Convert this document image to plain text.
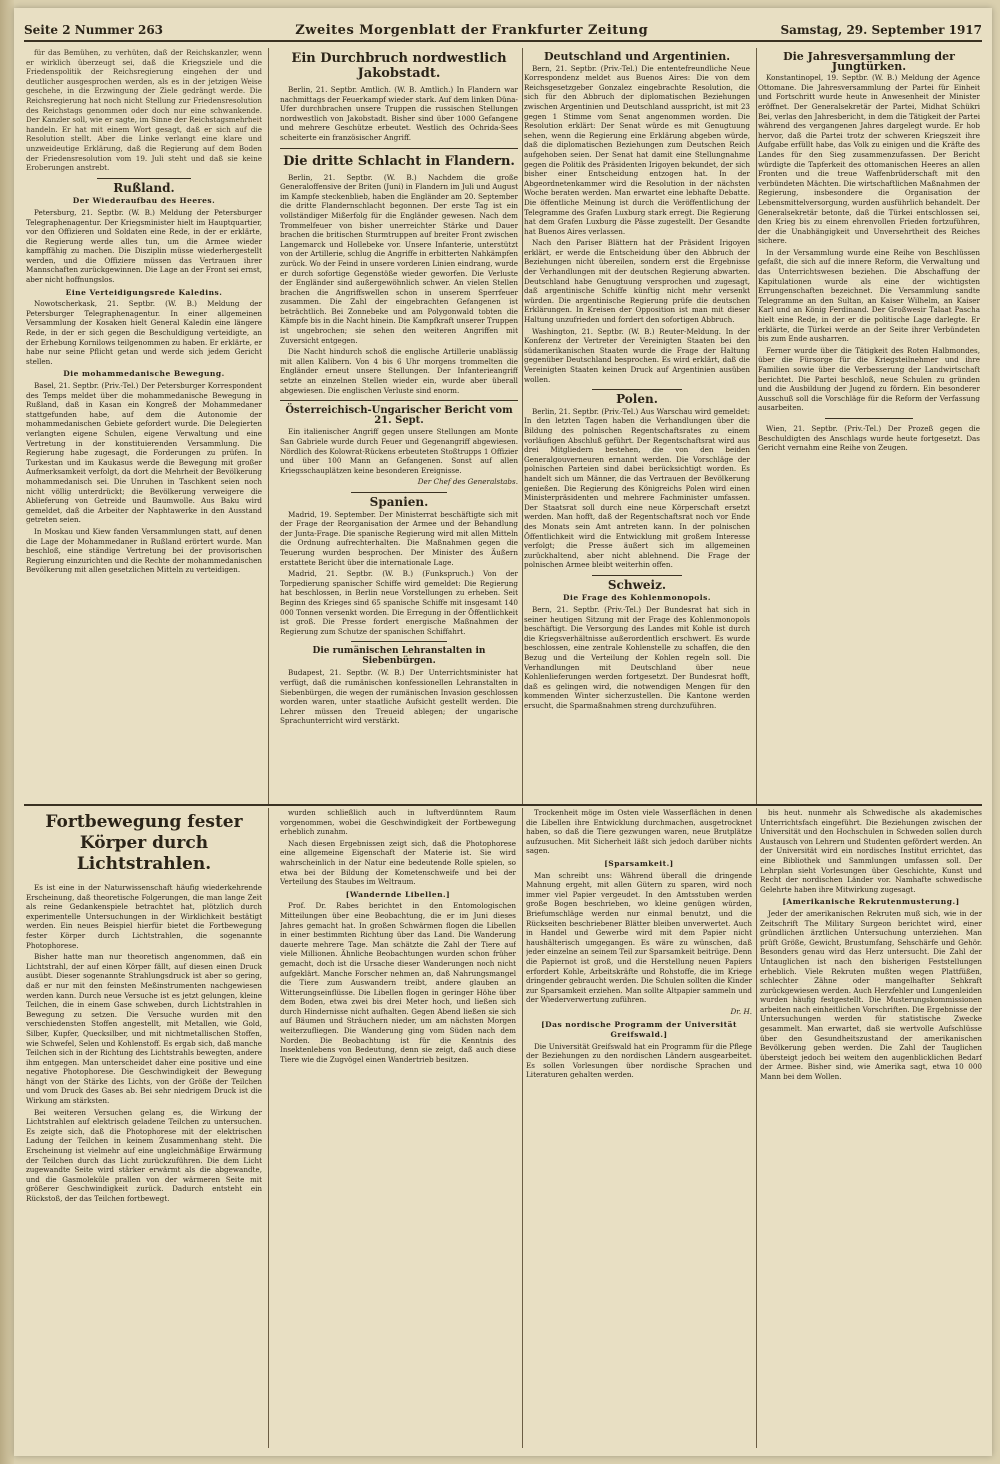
Seite 2 Nummer 263	Zweites Morgenblatt der Frankfurter Zeitung	Samstag, 29. September 1917

für das Bemühen, zu verhüten, daß der Reichskanzler, wenn er wirklich überzeugt sei, daß die Kriegsziele und die Friedenspolitik der Reichsregierung eingehen der und deutlicher ausgesprochen werden, als es in der jetzigen Weise geschehe, in die Erzwingung der Ziele gedrängt werde. Die Reichsregierung hat noch nicht Stellung zur Friedensresolution des Reichstags genommen oder doch nur eine schwankende. Der Kanzler soll, wie er sagte, im Sinne der Reichstagsmehrheit handeln. Er hat mit einem Wort gesagt, daß er sich auf die Resolution stellt. Aber die Linke verlangt eine klare und unzweideutige Erklärung, daß die Regierung auf dem Boden der Friedensresolution vom 19. Juli steht und daß sie keine Eroberungen anstrebt.

Rußland.
Der Wiederaufbau des Heeres.

Petersburg, 21. Septbr. (W. B.) Meldung der Petersburger Telegraphenagentur. Der Kriegsminister hielt im Hauptquartier, vor den Offizieren und Soldaten eine Rede, in der er erklärte, die Regierung werde alles tun, um die Armee wieder kampffähig zu machen. Die Disziplin müsse wiederhergestellt werden, und die Offiziere müssen das Vertrauen ihrer Mannschaften zurückgewinnen. Die Lage an der Front sei ernst, aber nicht hoffnungslos.

Eine Verteidigungsrede Kaledins.

Nowotscherkask, 21. Septbr. (W. B.) Meldung der Petersburger Telegraphenagentur. In einer allgemeinen Versammlung der Kosaken hielt General Kaledin eine längere Rede, in der er sich gegen die Beschuldigung verteidigte, an der Erhebung Kornilows teilgenommen zu haben. Er erklärte, er habe nur seine Pflicht getan und werde sich jedem Gericht stellen.

Die mohammedanische Bewegung.

Basel, 21. Septbr. (Priv.-Tel.) Der Petersburger Korrespondent des Temps meldet über die mohammedanische Bewegung in Rußland, daß in Kasan ein Kongreß der Mohammedaner stattgefunden habe, auf dem die Autonomie der mohammedanischen Gebiete gefordert wurde. Die Delegierten verlangten eigene Schulen, eigene Verwaltung und eine Vertretung in der konstituierenden Versammlung. Die Regierung habe zugesagt, die Forderungen zu prüfen. In Turkestan und im Kaukasus werde die Bewegung mit großer Aufmerksamkeit verfolgt, da dort die Mehrheit der Bevölkerung mohammedanisch sei. Die Unruhen in Taschkent seien noch nicht völlig unterdrückt; die Bevölkerung verweigere die Ablieferung von Getreide und Baumwolle. Aus Baku wird gemeldet, daß die Arbeiter der Naphtawerke in den Ausstand getreten seien.

In Moskau und Kiew fanden Versammlungen statt, auf denen die Lage der Mohammedaner in Rußland erörtert wurde. Man beschloß, eine ständige Vertretung bei der provisorischen Regierung einzurichten und die Rechte der mohammedanischen Bevölkerung mit allen gesetzlichen Mitteln zu verteidigen.

Ein Durchbruch nordwestlich Jakobstadt.

Berlin, 21. Septbr. Amtlich. (W. B. Amtlich.) In Flandern war nachmittags der Feuerkampf wieder stark. Auf dem linken Düna-Ufer durchbrachen unsere Truppen die russischen Stellungen nordwestlich von Jakobstadt. Bisher sind über 1000 Gefangene und mehrere Geschütze erbeutet. Westlich des Ochrida-Sees scheiterte ein französischer Angriff.

Die dritte Schlacht in Flandern.

Berlin, 21. Septbr. (W. B.) Nachdem die große Generaloffensive der Briten (Juni) in Flandern im Juli und August im Kampfe steckenblieb, haben die Engländer am 20. September die dritte Flandernschlacht begonnen. Der erste Tag ist ein vollständiger Mißerfolg für die Engländer gewesen. Nach dem Trommelfeuer von bisher unerreichter Stärke und Dauer brachen die britischen Sturmtruppen auf breiter Front zwischen Langemarck und Hollebeke vor. Unsere Infanterie, unterstützt von der Artillerie, schlug die Angriffe in erbitterten Nahkämpfen zurück. Wo der Feind in unsere vorderen Linien eindrang, wurde er durch sofortige Gegenstöße wieder geworfen. Die Verluste der Engländer sind außergewöhnlich schwer. An vielen Stellen brachen die Angriffswellen schon in unserem Sperrfeuer zusammen. Die Zahl der eingebrachten Gefangenen ist beträchtlich. Bei Zonnebeke und am Polygonwald tobten die Kämpfe bis in die Nacht hinein. Die Kampfkraft unserer Truppen ist ungebrochen; sie sehen den weiteren Angriffen mit Zuversicht entgegen.

Die Nacht hindurch schoß die englische Artillerie unablässig mit allen Kalibern. Von 4 bis 6 Uhr morgens trommelten die Engländer erneut unsere Stellungen. Der Infanterieangriff setzte an einzelnen Stellen wieder ein, wurde aber überall abgewiesen. Die englischen Verluste sind enorm.

Österreichisch-Ungarischer Bericht vom 21. Sept.

Ein italienischer Angriff gegen unsere Stellungen am Monte San Gabriele wurde durch Feuer und Gegenangriff abgewiesen. Nördlich des Kolowrat-Rückens erbeuteten Stoßtrupps 1 Offizier und über 100 Mann an Gefangenen. Sonst auf allen Kriegsschauplätzen keine besonderen Ereignisse.

Der Chef des Generalstabs.
Spanien.

Madrid, 19. September. Der Ministerrat beschäftigte sich mit der Frage der Reorganisation der Armee und der Behandlung der Junta-Frage. Die spanische Regierung wird mit allen Mitteln die Ordnung aufrechterhalten. Die Maßnahmen gegen die Teuerung wurden besprochen. Der Minister des Äußern erstattete Bericht über die internationale Lage.

Madrid, 21. Septbr. (W. B.) (Funkspruch.) Von der Torpedierung spanischer Schiffe wird gemeldet: Die Regierung hat beschlossen, in Berlin neue Vorstellungen zu erheben. Seit Beginn des Krieges sind 65 spanische Schiffe mit insgesamt 140 000 Tonnen versenkt worden. Die Erregung in der Öffentlichkeit ist groß. Die Presse fordert energische Maßnahmen der Regierung zum Schutze der spanischen Schiffahrt.

Die rumänischen Lehranstalten in Siebenbürgen.

Budapest, 21. Septbr. (W. B.) Der Unterrichtsminister hat verfügt, daß die rumänischen konfessionellen Lehranstalten in Siebenbürgen, die wegen der rumänischen Invasion geschlossen worden waren, unter staatliche Aufsicht gestellt werden. Die Lehrer müssen den Treueid ablegen; der ungarische Sprachunterricht wird verstärkt.

Deutschland und Argentinien.

Bern, 21. Septbr. (Priv.-Tel.) Die ententefreundliche Neue Korrespondenz meldet aus Buenos Aires: Die von dem Reichsgesetzgeber Gonzalez eingebrachte Resolution, die sich für den Abbruch der diplomatischen Beziehungen zwischen Argentinien und Deutschland ausspricht, ist mit 23 gegen 1 Stimme vom Senat angenommen worden. Die Resolution erklärt: Der Senat würde es mit Genugtuung sehen, wenn die Regierung eine Erklärung abgeben würde, daß die diplomatischen Beziehungen zum Deutschen Reich aufgehoben seien. Der Senat hat damit eine Stellungnahme gegen die Politik des Präsidenten Irigoyen bekundet, der sich bisher einer Entscheidung entzogen hat. In der Abgeordnetenkammer wird die Resolution in der nächsten Woche beraten werden. Man erwartet eine lebhafte Debatte. Die öffentliche Meinung ist durch die Veröffentlichung der Telegramme des Grafen Luxburg stark erregt. Die Regierung hat dem Grafen Luxburg die Pässe zugestellt. Der Gesandte hat Buenos Aires verlassen.

Nach den Pariser Blättern hat der Präsident Irigoyen erklärt, er werde die Entscheidung über den Abbruch der Beziehungen nicht übereilen, sondern erst die Ergebnisse der Verhandlungen mit der deutschen Regierung abwarten. Deutschland habe Genugtuung versprochen und zugesagt, daß argentinische Schiffe künftig nicht mehr versenkt würden. Die argentinische Regierung prüfe die deutschen Erklärungen. In Kreisen der Opposition ist man mit dieser Haltung unzufrieden und fordert den sofortigen Abbruch.

Washington, 21. Septbr. (W. B.) Reuter-Meldung. In der Konferenz der Vertreter der Vereinigten Staaten bei den südamerikanischen Staaten wurde die Frage der Haltung gegenüber Deutschland besprochen. Es wird erklärt, daß die Vereinigten Staaten keinen Druck auf Argentinien ausüben wollen.

Polen.

Berlin, 21. Septbr. (Priv.-Tel.) Aus Warschau wird gemeldet: In den letzten Tagen haben die Verhandlungen über die Bildung des polnischen Regentschaftsrates zu einem vorläufigen Abschluß geführt. Der Regentschaftsrat wird aus drei Mitgliedern bestehen, die von den beiden Generalgouverneuren ernannt werden. Die Vorschläge der polnischen Parteien sind dabei berücksichtigt worden. Es handelt sich um Männer, die das Vertrauen der Bevölkerung genießen. Die Regierung des Königreichs Polen wird einen Ministerpräsidenten und mehrere Fachminister umfassen. Der Staatsrat soll durch eine neue Körperschaft ersetzt werden. Man hofft, daß der Regentschaftsrat noch vor Ende des Monats sein Amt antreten kann. In der polnischen Öffentlichkeit wird die Entwicklung mit großem Interesse verfolgt; die Presse äußert sich im allgemeinen zurückhaltend, aber nicht ablehnend. Die Frage der polnischen Armee bleibt weiterhin offen.

Schweiz.
Die Frage des Kohlenmonopols.

Bern, 21. Septbr. (Priv.-Tel.) Der Bundesrat hat sich in seiner heutigen Sitzung mit der Frage des Kohlenmonopols beschäftigt. Die Versorgung des Landes mit Kohle ist durch die Kriegsverhältnisse außerordentlich erschwert. Es wurde beschlossen, eine zentrale Kohlenstelle zu schaffen, die den Bezug und die Verteilung der Kohlen regeln soll. Die Verhandlungen mit Deutschland über neue Kohlenlieferungen werden fortgesetzt. Der Bundesrat hofft, daß es gelingen wird, die notwendigen Mengen für den kommenden Winter sicherzustellen. Die Kantone werden ersucht, die Sparmaßnahmen streng durchzuführen.

Die Jahresversammlung der Jungtürken.

Konstantinopel, 19. Septbr. (W. B.) Meldung der Agence Ottomane. Die Jahresversammlung der Partei für Einheit und Fortschritt wurde heute in Anwesenheit der Minister eröffnet. Der Generalsekretär der Partei, Midhat Schükri Bei, verlas den Jahresbericht, in dem die Tätigkeit der Partei während des vergangenen Jahres dargelegt wurde. Er hob hervor, daß die Partei trotz der schweren Kriegszeit ihre Aufgabe erfüllt habe, das Volk zu einigen und die Kräfte des Landes für den Sieg zusammenzufassen. Der Bericht würdigte die Tapferkeit des ottomanischen Heeres an allen Fronten und die treue Waffenbrüderschaft mit den verbündeten Mächten. Die wirtschaftlichen Maßnahmen der Regierung, insbesondere die Organisation der Lebensmittelversorgung, wurden ausführlich behandelt. Der Generalsekretär betonte, daß die Türkei entschlossen sei, den Krieg bis zu einem ehrenvollen Frieden fortzuführen, der die Unabhängigkeit und Unversehrtheit des Reiches sichere.

In der Versammlung wurde eine Reihe von Beschlüssen gefaßt, die sich auf die innere Reform, die Verwaltung und das Unterrichtswesen beziehen. Die Abschaffung der Kapitulationen wurde als eine der wichtigsten Errungenschaften bezeichnet. Die Versammlung sandte Telegramme an den Sultan, an Kaiser Wilhelm, an Kaiser Karl und an König Ferdinand. Der Großwesir Talaat Pascha hielt eine Rede, in der er die politische Lage darlegte. Er erklärte, die Türkei werde an der Seite ihrer Verbündeten bis zum Ende ausharren.

Ferner wurde über die Tätigkeit des Roten Halbmondes, über die Fürsorge für die Kriegsteilnehmer und ihre Familien sowie über die Verbesserung der Landwirtschaft berichtet. Die Partei beschloß, neue Schulen zu gründen und die Ausbildung der Jugend zu fördern. Ein besonderer Ausschuß soll die Vorschläge für die Reform der Verfassung ausarbeiten.

Wien, 21. Septbr. (Priv.-Tel.) Der Prozeß gegen die Beschuldigten des Anschlags wurde heute fortgesetzt. Das Gericht vernahm eine Reihe von Zeugen.

Fortbewegung fester Körper durch Lichtstrahlen.

Es ist eine in der Naturwissenschaft häufig wiederkehrende Erscheinung, daß theoretische Folgerungen, die man lange Zeit als reine Gedankenspiele betrachtet hat, plötzlich durch experimentelle Untersuchungen in der Wirklichkeit bestätigt werden. Ein neues Beispiel hierfür bietet die Fortbewegung fester Körper durch Lichtstrahlen, die sogenannte Photophorese.

Bisher hatte man nur theoretisch angenommen, daß ein Lichtstrahl, der auf einen Körper fällt, auf diesen einen Druck ausübt. Dieser sogenannte Strahlungsdruck ist aber so gering, daß er nur mit den feinsten Meßinstrumenten nachgewiesen werden kann. Durch neue Versuche ist es jetzt gelungen, kleine Teilchen, die in einem Gase schweben, durch Lichtstrahlen in Bewegung zu setzen. Die Versuche wurden mit den verschiedensten Stoffen angestellt, mit Metallen, wie Gold, Silber, Kupfer, Quecksilber, und mit nichtmetallischen Stoffen, wie Schwefel, Selen und Kohlenstoff. Es ergab sich, daß manche Teilchen sich in der Richtung des Lichtstrahls bewegten, andere ihm entgegen. Man unterscheidet daher eine positive und eine negative Photophorese. Die Geschwindigkeit der Bewegung hängt von der Stärke des Lichts, von der Größe der Teilchen und vom Druck des Gases ab. Bei sehr niedrigem Druck ist die Wirkung am stärksten.

Bei weiteren Versuchen gelang es, die Wirkung der Lichtstrahlen auf elektrisch geladene Teilchen zu untersuchen. Es zeigte sich, daß die Photophorese mit der elektrischen Ladung der Teilchen in keinem Zusammenhang steht. Die Erscheinung ist vielmehr auf eine ungleichmäßige Erwärmung der Teilchen durch das Licht zurückzuführen. Die dem Licht zugewandte Seite wird stärker erwärmt als die abgewandte, und die Gasmoleküle prallen von der wärmeren Seite mit größerer Geschwindigkeit zurück. Dadurch entsteht ein Rückstoß, der das Teilchen fortbewegt.

wurden schließlich auch in luftverdünntem Raum vorgenommen, wobei die Geschwindigkeit der Fortbewegung erheblich zunahm.

Nach diesen Ergebnissen zeigt sich, daß die Photophorese eine allgemeine Eigenschaft der Materie ist. Sie wird wahrscheinlich in der Natur eine bedeutende Rolle spielen, so etwa bei der Bildung der Kometenschweife und bei der Verteilung des Staubes im Weltraum.

[Wandernde Libellen.]

Prof. Dr. Rabes berichtet in den Entomologischen Mitteilungen über eine Beobachtung, die er im Juni dieses Jahres gemacht hat. In großen Schwärmen flogen die Libellen in einer bestimmten Richtung über das Land. Die Wanderung dauerte mehrere Tage. Man schätzte die Zahl der Tiere auf viele Millionen. Ähnliche Beobachtungen wurden schon früher gemacht, doch ist die Ursache dieser Wanderungen noch nicht aufgeklärt. Manche Forscher nehmen an, daß Nahrungsmangel die Tiere zum Auswandern treibt, andere glauben an Witterungseinflüsse. Die Libellen flogen in geringer Höhe über dem Boden, etwa zwei bis drei Meter hoch, und ließen sich durch Hindernisse nicht aufhalten. Gegen Abend ließen sie sich auf Bäumen und Sträuchern nieder, um am nächsten Morgen weiterzufliegen. Die Wanderung ging vom Süden nach dem Norden. Die Beobachtung ist für die Kenntnis des Insektenlebens von Bedeutung, denn sie zeigt, daß auch diese Tiere wie die Zugvögel einen Wandertrieb besitzen.

Trockenheit möge im Osten viele Wasserflächen in denen die Libellen ihre Entwicklung durchmachen, ausgetrocknet haben, so daß die Tiere gezwungen waren, neue Brutplätze aufzusuchen. Mit Sicherheit läßt sich jedoch darüber nichts sagen.

[Sparsamkeit.]

Man schreibt uns: Während überall die dringende Mahnung ergeht, mit allen Gütern zu sparen, wird noch immer viel Papier vergeudet. In den Amtsstuben werden große Bogen beschrieben, wo kleine genügen würden, Briefumschläge werden nur einmal benutzt, und die Rückseiten beschriebener Blätter bleiben unverwertet. Auch in Handel und Gewerbe wird mit dem Papier nicht haushälterisch umgegangen. Es wäre zu wünschen, daß jeder einzelne an seinem Teil zur Sparsamkeit beitrüge. Denn die Papiernot ist groß, und die Herstellung neuen Papiers erfordert Kohle, Arbeitskräfte und Rohstoffe, die im Kriege dringender gebraucht werden. Die Schulen sollten die Kinder zur Sparsamkeit erziehen. Man sollte Altpapier sammeln und der Wiederverwertung zuführen.

Dr. H.
[Das nordische Programm der Universität Greifswald.]

Die Universität Greifswald hat ein Programm für die Pflege der Beziehungen zu den nordischen Ländern ausgearbeitet. Es sollen Vorlesungen über nordische Sprachen und Literaturen gehalten werden.

bis heut. nunmehr als Schwedische als akademisches Unterrichtsfach eingeführt. Die Beziehungen zwischen der Universität und den Hochschulen in Schweden sollen durch Austausch von Lehrern und Studenten gefördert werden. An der Universität wird ein nordisches Institut errichtet, das eine Bibliothek und Sammlungen umfassen soll. Der Lehrplan sieht Vorlesungen über Geschichte, Kunst und Recht der nordischen Länder vor. Namhafte schwedische Gelehrte haben ihre Mitwirkung zugesagt.

[Amerikanische Rekrutenmusterung.]

Jeder der amerikanischen Rekruten muß sich, wie in der Zeitschrift The Military Surgeon berichtet wird, einer gründlichen ärztlichen Untersuchung unterziehen. Man prüft Größe, Gewicht, Brustumfang, Sehschärfe und Gehör. Besonders genau wird das Herz untersucht. Die Zahl der Untauglichen ist nach den bisherigen Feststellungen erheblich. Viele Rekruten mußten wegen Plattfüßen, schlechter Zähne oder mangelhafter Sehkraft zurückgewiesen werden. Auch Herzfehler und Lungenleiden wurden häufig festgestellt. Die Musterungskommissionen arbeiten nach einheitlichen Vorschriften. Die Ergebnisse der Untersuchungen werden für statistische Zwecke gesammelt. Man erwartet, daß sie wertvolle Aufschlüsse über den Gesundheitszustand der amerikanischen Bevölkerung geben werden. Die Zahl der Tauglichen übersteigt jedoch bei weitem den augenblicklichen Bedarf der Armee. Bisher sind, wie Amerika sagt, etwa 10 000 Mann bei dem Wollen.
